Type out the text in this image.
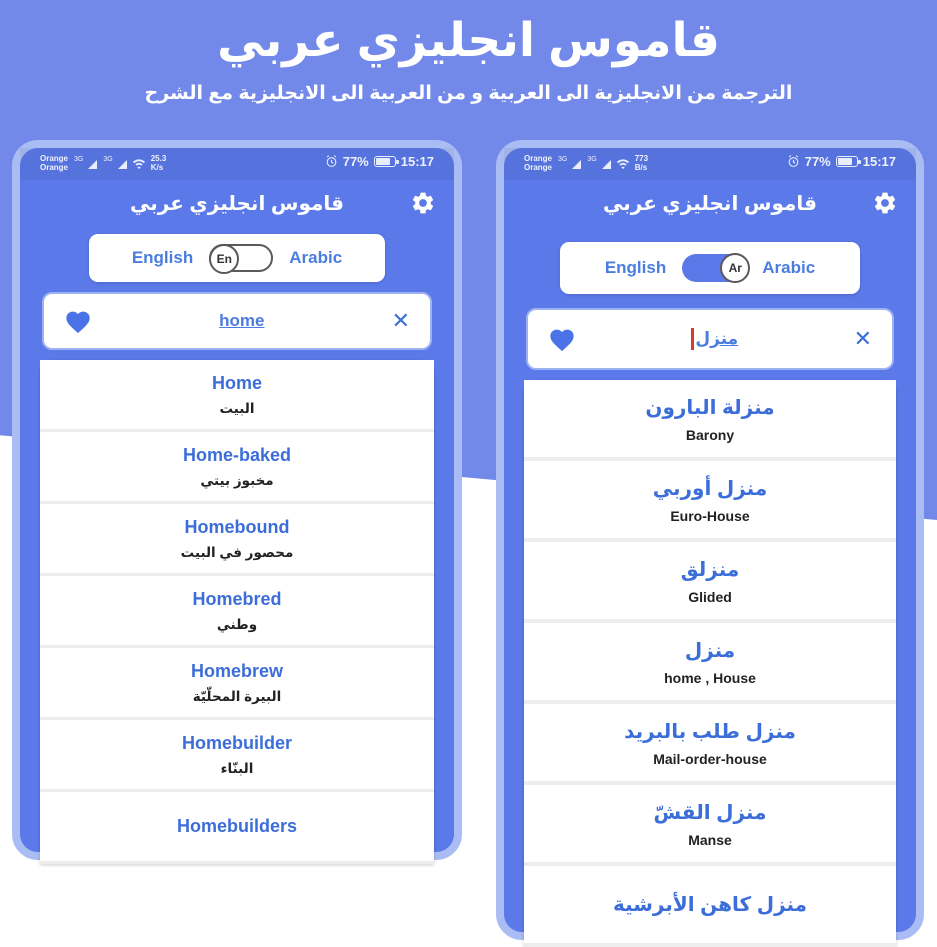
قاموس انجليزي عربي
الترجمة من الانجليزية الى العربية و من العربية الى الانجليزية مع الشرح
Orange
Orange
3G	3G	25.3
K/s	77% 15:17
قاموس انجليزي عربي
English	En	Arabic
home	✕
Home
البيت
Home-baked
مخبوز بيتي
Homebound
محصور في البيت
Homebred
وطني
Homebrew
البيرة المحلّيّة
Homebuilder
البنّاء
Homebuilders
Orange
Orange
3G	3G	773
B/s	77% 15:17
قاموس انجليزي عربي
English	Ar	Arabic
منزل	✕
منزلة البارون
Barony
منزل أوربي
Euro-House
منزلق
Glided
منزل
home , House
منزل طلب بالبريد
Mail-order-house
منزل القشّ
Manse
منزل كاهن الأبرشية
